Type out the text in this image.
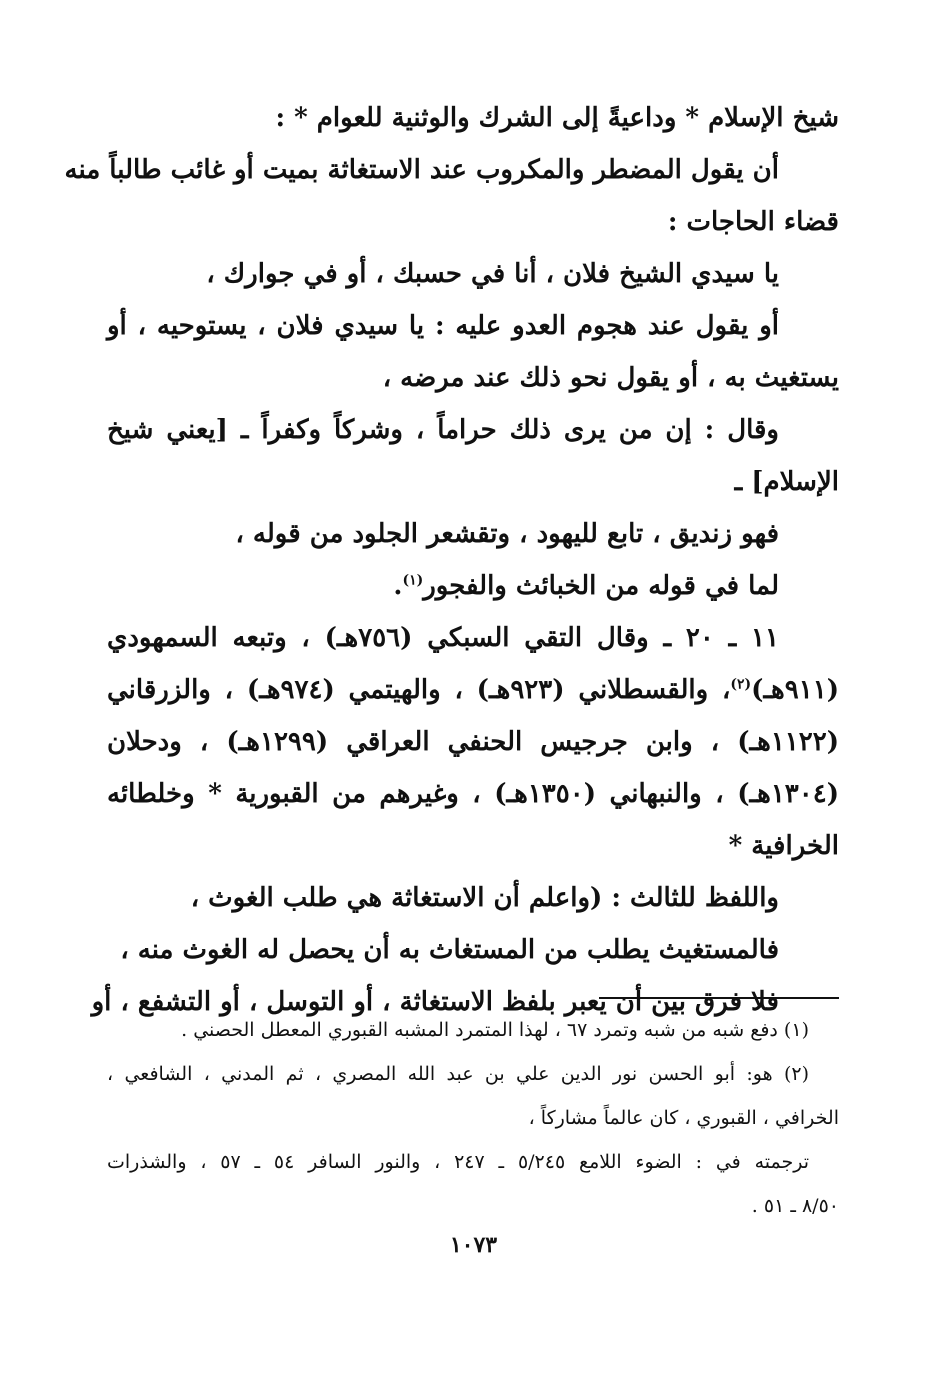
شيخ الإسلام * وداعيةً إلى الشرك والوثنية للعوام * :
أن يقول المضطر والمكروب عند الاستغاثة بميت أو غائب طالباً منه
قضاء الحاجات :
يا سيدي الشيخ فلان ، أنا في حسبك ، أو في جوارك ،
أو يقول عند هجوم العدو عليه : يا سيدي فلان ، يستوحيه ، أو
يستغيث به ، أو يقول نحو ذلك عند مرضه ،
وقال : إن من يرى ذلك حراماً ، وشركاً وكفراً ـ [يعني شيخ
الإسلام] ـ
فهو زنديق ، تابع لليهود ، وتقشعر الجلود من قوله ،
لما في قوله من الخبائث والفجور$^{(١)}$.
١١ ـ ٢٠ ـ وقال التقي السبكي (٧٥٦هـ) ، وتبعه السمهودي
(٩١١هـ)$^{(٢)}$، والقسطلاني (٩٢٣هـ) ، والهيتمي (٩٧٤هـ) ، والزرقاني
(١١٢٢هـ) ، وابن جرجيس الحنفي العراقي (١٢٩٩هـ) ، ودحلان
(١٣٠٤هـ) ، والنبهاني (١٣٥٠هـ) ، وغيرهم من القبورية * وخلطائه
الخرافية *
واللفظ للثالث : (واعلم أن الاستغاثة هي طلب الغوث ،
فالمستغيث يطلب من المستغاث به أن يحصل له الغوث منه ،
فلا فرق بين أن يعبر بلفظ الاستغاثة ، أو التوسل ، أو التشفع ، أو
(١) دفع شبه من شبه وتمرد ٦٧ ، لهذا المتمرد المشبه القبوري المعطل الحصني .
(٢) هو: أبو الحسن نور الدين علي بن عبد الله المصري ، ثم المدني ، الشافعي ،
الخرافي ، القبوري ، كان عالماً مشاركاً ،
ترجمته في : الضوء اللامع ٥/٢٤٥ ـ ٢٤٧ ، والنور السافر ٥٤ ـ ٥٧ ، والشذرات
٨/٥٠ ـ ٥١ .
١٠٧٣
